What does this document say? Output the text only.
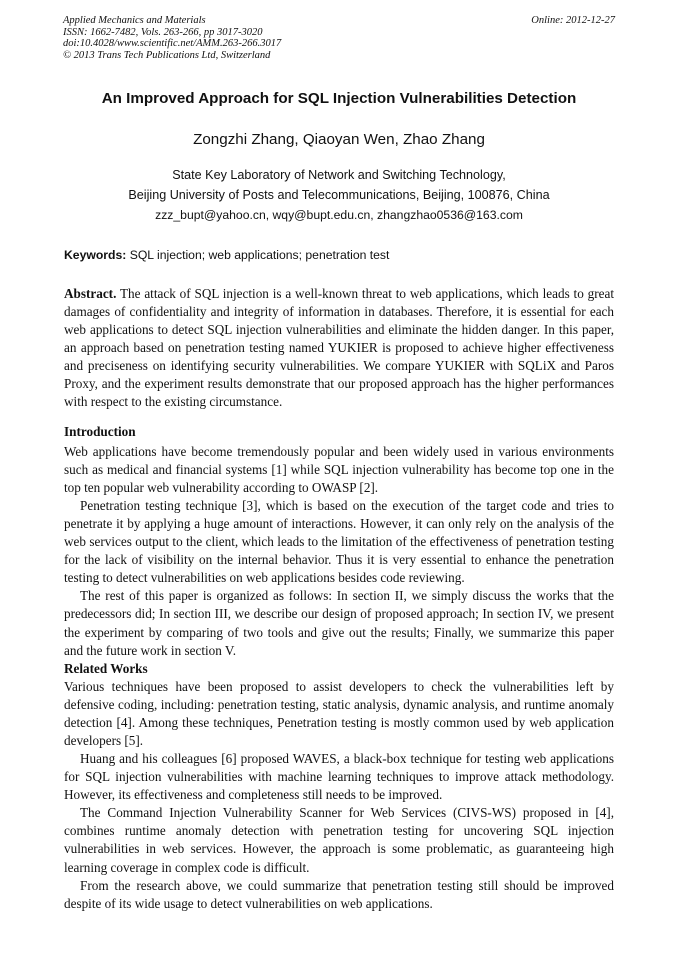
Applied Mechanics and Materials
ISSN: 1662-7482, Vols. 263-266, pp 3017-3020
doi:10.4028/www.scientific.net/AMM.263-266.3017
© 2013 Trans Tech Publications Ltd, Switzerland
Online: 2012-12-27
An Improved Approach for SQL Injection Vulnerabilities Detection
Zongzhi Zhang, Qiaoyan Wen, Zhao Zhang
State Key Laboratory of Network and Switching Technology,
Beijing University of Posts and Telecommunications, Beijing, 100876, China
zzz_bupt@yahoo.cn, wqy@bupt.edu.cn, zhangzhao0536@163.com
Keywords: SQL injection; web applications; penetration test

Abstract. The attack of SQL injection is a well-known threat to web applications, which leads to great damages of confidentiality and integrity of information in databases. Therefore, it is essential for each web applications to detect SQL injection vulnerabilities and eliminate the hidden danger. In this paper, an approach based on penetration testing named YUKIER is proposed to achieve higher effectiveness and preciseness on identifying security vulnerabilities. We compare YUKIER with SQLiX and Paros Proxy, and the experiment results demonstrate that our proposed approach has the higher performances with respect to the existing circumstance.

Introduction

Web applications have become tremendously popular and been widely used in various environments such as medical and financial systems [1] while SQL injection vulnerability has become top one in the top ten popular web vulnerability according to OWASP [2].

Penetration testing technique [3], which is based on the execution of the target code and tries to penetrate it by applying a huge amount of interactions. However, it can only rely on the analysis of the web services output to the client, which leads to the limitation of the effectiveness of penetration testing for the lack of visibility on the internal behavior. Thus it is very essential to enhance the penetration testing to detect vulnerabilities on web applications besides code reviewing.

The rest of this paper is organized as follows: In section II, we simply discuss the works that the predecessors did; In section III, we describe our design of proposed approach; In section IV, we present the experiment by comparing of two tools and give out the results; Finally, we summarize this paper and the future work in section V.

Related Works

Various techniques have been proposed to assist developers to check the vulnerabilities left by defensive coding, including: penetration testing, static analysis, dynamic analysis, and runtime anomaly detection [4]. Among these techniques, Penetration testing is mostly common used by web application developers [5].

Huang and his colleagues [6] proposed WAVES, a black-box technique for testing web applications for SQL injection vulnerabilities with machine learning techniques to improve attack methodology. However, its effectiveness and completeness still needs to be improved.

The Command Injection Vulnerability Scanner for Web Services (CIVS-WS) proposed in [4], combines runtime anomaly detection with penetration testing for uncovering SQL injection vulnerabilities in web services. However, the approach is some problematic, as guaranteeing high learning coverage in complex code is difficult.

From the research above, we could summarize that penetration testing still should be improved despite of its wide usage to detect vulnerabilities on web applications.
